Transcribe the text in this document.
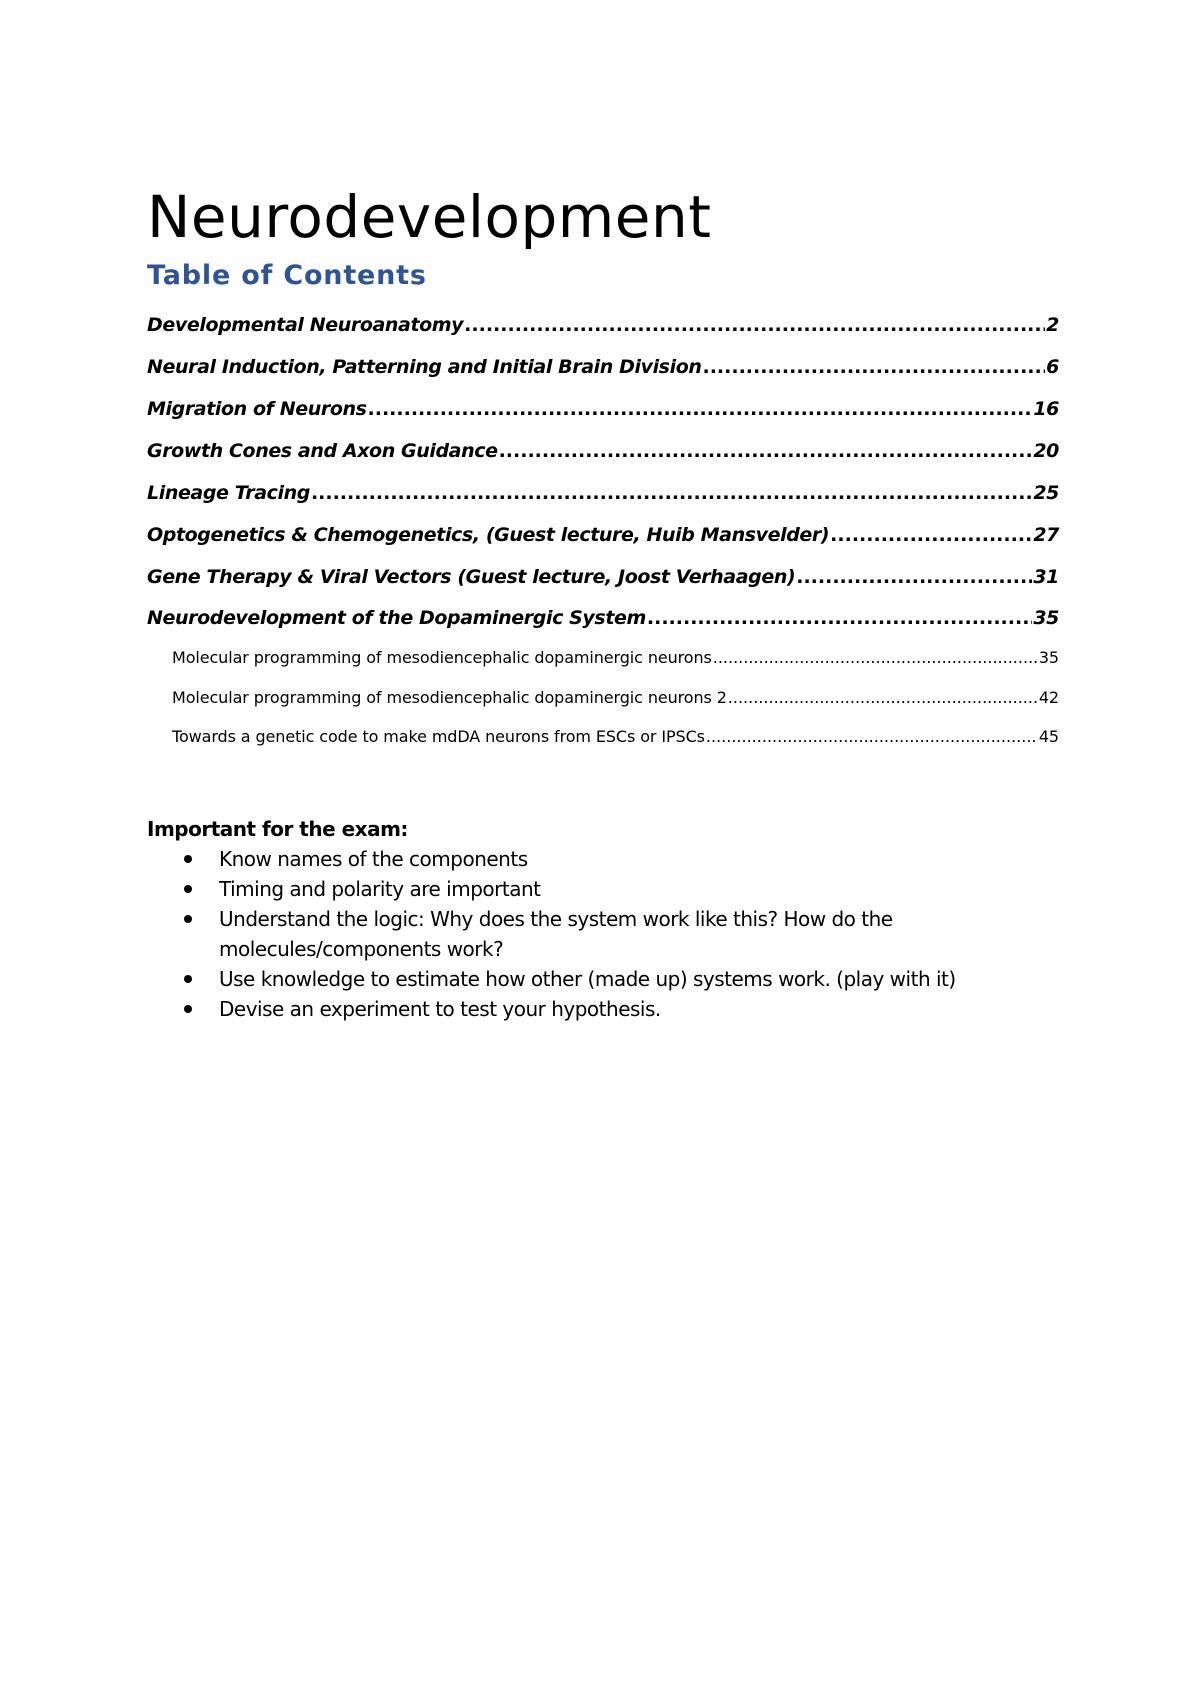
Neurodevelopment
Table of Contents
Developmental Neuroanatomy .....	2
Neural Induction, Patterning and Initial Brain Division .....	6
Migration of Neurons .....	16
Growth Cones and Axon Guidance .....	20
Lineage Tracing .....	25
Optogenetics & Chemogenetics, (Guest lecture, Huib Mansvelder) .....	27
Gene Therapy & Viral Vectors (Guest lecture, Joost Verhaagen) .....	31
Neurodevelopment of the Dopaminergic System .....	35
Molecular programming of mesodiencephalic dopaminergic neurons .....	35
Molecular programming of mesodiencephalic dopaminergic neurons 2 .....	42
Towards a genetic code to make mdDA neurons from ESCs or IPSCs .....	45

Important for the exam:

Know names of the components
Timing and polarity are important
Understand the logic: Why does the system work like this? How do the molecules/components work?
Use knowledge to estimate how other (made up) systems work. (play with it)
Devise an experiment to test your hypothesis.
